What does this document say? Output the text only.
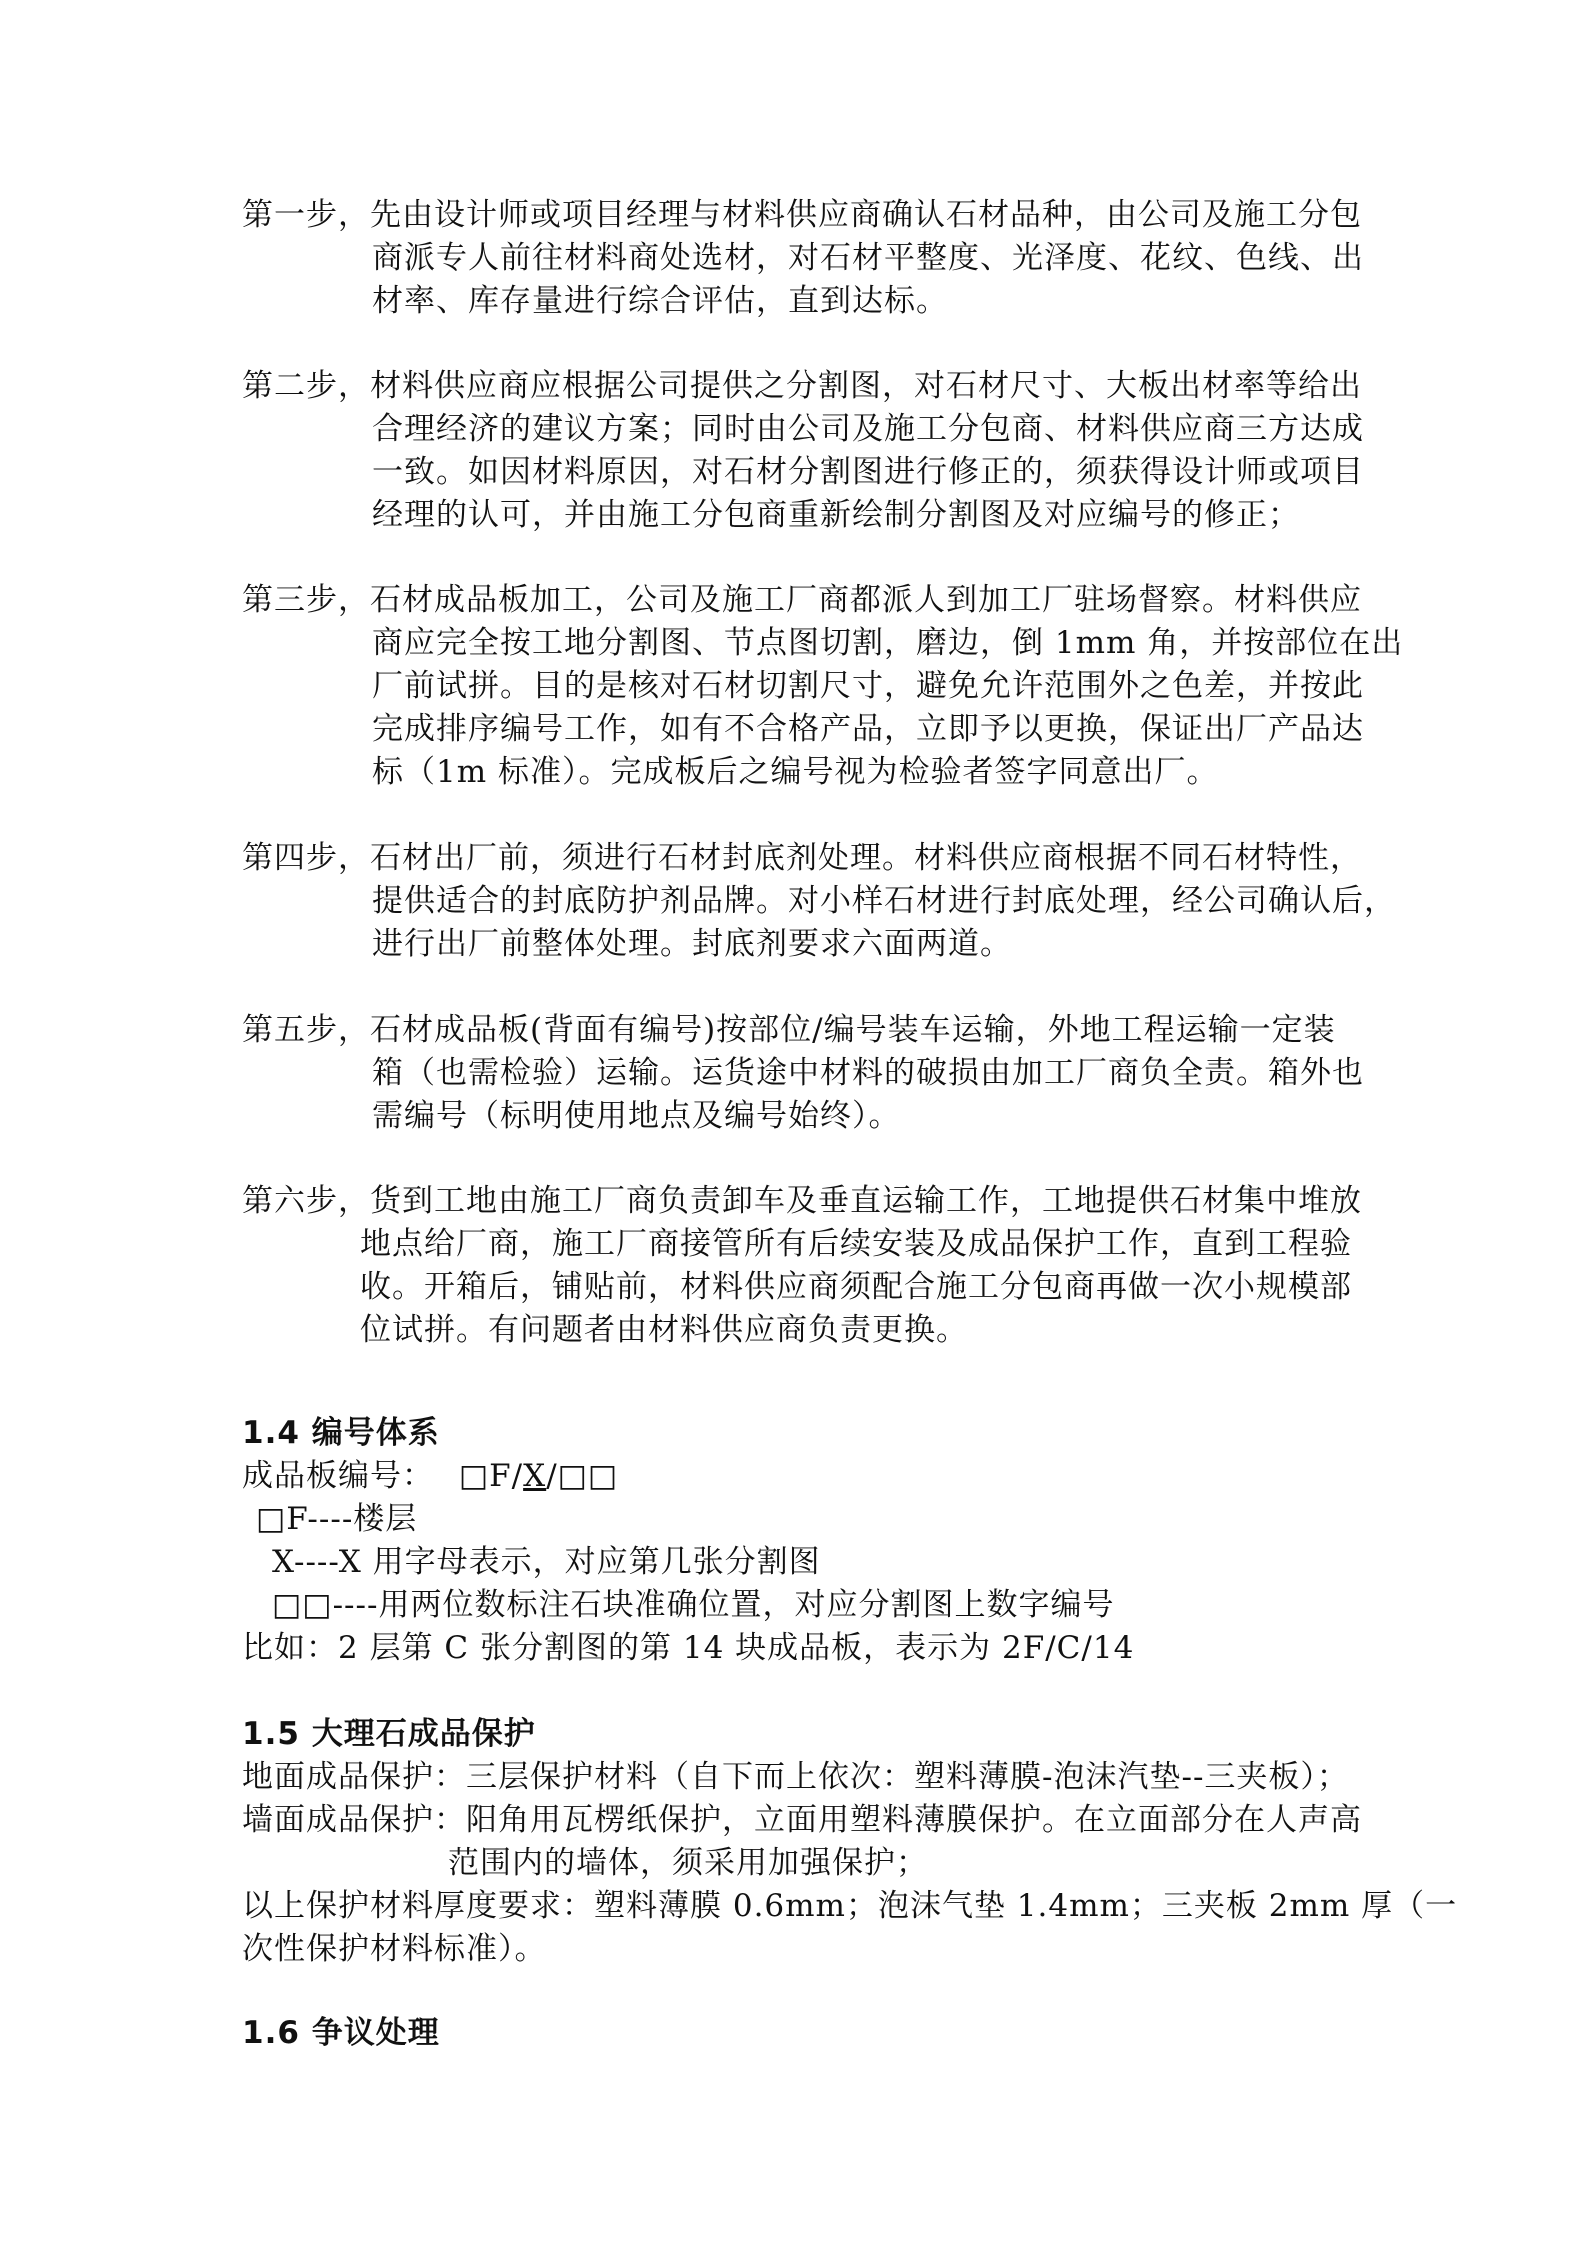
第一步，先由设计师或项目经理与材料供应商确认石材品种，由公司及施工分包
商派专人前往材料商处选材，对石材平整度、光泽度、花纹、色线、出
材率、库存量进行综合评估，直到达标。
第二步，材料供应商应根据公司提供之分割图，对石材尺寸、大板出材率等给出
合理经济的建议方案；同时由公司及施工分包商、材料供应商三方达成
一致。如因材料原因，对石材分割图进行修正的，须获得设计师或项目
经理的认可，并由施工分包商重新绘制分割图及对应编号的修正；
第三步，石材成品板加工，公司及施工厂商都派人到加工厂驻场督察。材料供应
商应完全按工地分割图、节点图切割，磨边，倒 1mm 角，并按部位在出
厂前试拼。目的是核对石材切割尺寸，避免允许范围外之色差，并按此
完成排序编号工作，如有不合格产品，立即予以更换，保证出厂产品达
标（1m 标准）。完成板后之编号视为检验者签字同意出厂。
第四步，石材出厂前，须进行石材封底剂处理。材料供应商根据不同石材特性，
提供适合的封底防护剂品牌。对小样石材进行封底处理，经公司确认后，
进行出厂前整体处理。封底剂要求六面两道。
第五步，石材成品板(背面有编号)按部位/编号装车运输，外地工程运输一定装
箱（也需检验）运输。运货途中材料的破损由加工厂商负全责。箱外也
需编号（标明使用地点及编号始终）。
第六步，货到工地由施工厂商负责卸车及垂直运输工作，工地提供石材集中堆放
地点给厂商，施工厂商接管所有后续安装及成品保护工作，直到工程验
收。开箱后，铺贴前，材料供应商须配合施工分包商再做一次小规模部
位试拼。有问题者由材料供应商负责更换。
1.4 编号体系
成品板编号： □F/X/□□
□F----楼层
X----X 用字母表示，对应第几张分割图
□□----用两位数标注石块准确位置，对应分割图上数字编号
比如：2 层第 C 张分割图的第 14 块成品板，表示为 2F/C/14
1.5 大理石成品保护
地面成品保护：三层保护材料（自下而上依次：塑料薄膜-泡沫汽垫--三夹板）；
墙面成品保护：阳角用瓦楞纸保护，立面用塑料薄膜保护。在立面部分在人声高
范围内的墙体，须采用加强保护；
以上保护材料厚度要求：塑料薄膜 0.6mm；泡沫气垫 1.4mm；三夹板 2mm 厚（一
次性保护材料标准）。
1.6 争议处理
